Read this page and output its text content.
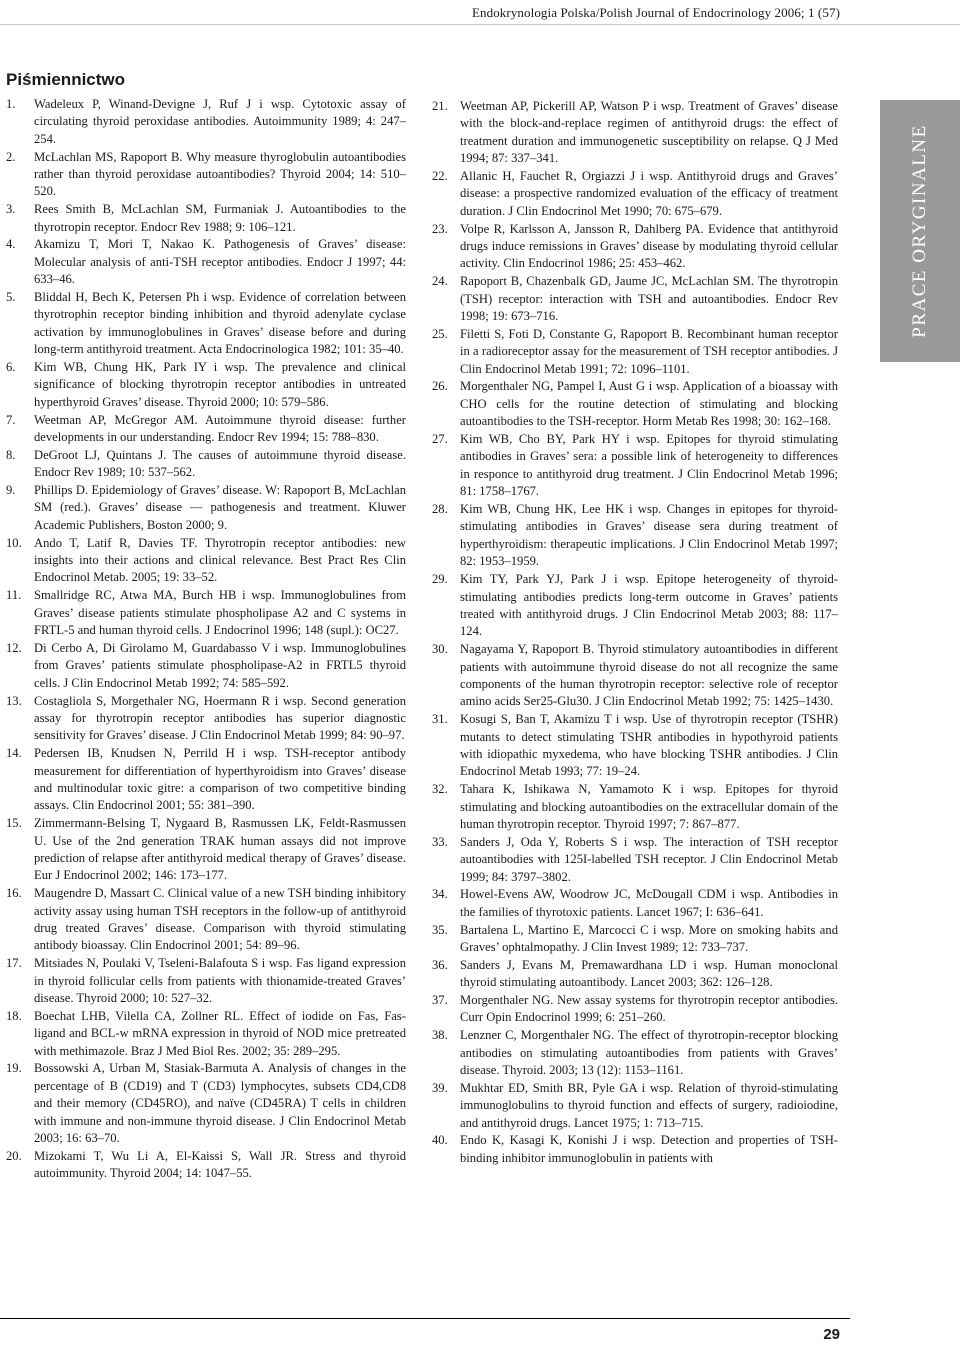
Endokrynologia Polska/Polish Journal of Endocrinology 2006; 1 (57)
Piśmiennictwo
1. Wadeleux P, Winand-Devigne J, Ruf J i wsp. Cytotoxic assay of circulating thyroid peroxidase antibodies. Autoimmunity 1989; 4: 247–254.
2. McLachlan MS, Rapoport B. Why measure thyroglobulin autoantibodies rather than thyroid peroxidase autoantibodies? Thyroid 2004; 14: 510–520.
3. Rees Smith B, McLachlan SM, Furmaniak J. Autoantibodies to the thyrotropin receptor. Endocr Rev 1988; 9: 106–121.
4. Akamizu T, Mori T, Nakao K. Pathogenesis of Graves’ disease: Molecular analysis of anti-TSH receptor antibodies. Endocr J 1997; 44: 633–46.
5. Bliddal H, Bech K, Petersen Ph i wsp. Evidence of correlation between thyrotrophin receptor binding inhibition and thyroid adenylate cyclase activation by immunoglobulines in Graves’ disease before and during long-term antithyroid treatment. Acta Endocrinologica 1982; 101: 35–40.
6. Kim WB, Chung HK, Park IY i wsp. The prevalence and clinical significance of blocking thyrotropin receptor antibodies in untreated hyperthyroid Graves’ disease. Thyroid 2000; 10: 579–586.
7. Weetman AP, McGregor AM. Autoimmune thyroid disease: further developments in our understanding. Endocr Rev 1994; 15: 788–830.
8. DeGroot LJ, Quintans J. The causes of autoimmune thyroid disease. Endocr Rev 1989; 10: 537–562.
9. Phillips D. Epidemiology of Graves’ disease. W: Rapoport B, McLachlan SM (red.). Graves’ disease — pathogenesis and treatment. Kluwer Academic Publishers, Boston 2000; 9.
10. Ando T, Latif R, Davies TF. Thyrotropin receptor antibodies: new insights into their actions and clinical relevance. Best Pract Res Clin Endocrinol Metab. 2005; 19: 33–52.
11. Smallridge RC, Atwa MA, Burch HB i wsp. Immunoglobulines from Graves’ disease patients stimulate phospholipase A2 and C systems in FRTL-5 and human thyroid cells. J Endocrinol 1996; 148 (supl.): OC27.
12. Di Cerbo A, Di Girolamo M, Guardabasso V i wsp. Immunoglobulines from Graves’ patients stimulate phospholipase-A2 in FRTL5 thyroid cells. J Clin Endocrinol Metab 1992; 74: 585–592.
13. Costagliola S, Morgethaler NG, Hoermann R i wsp. Second generation assay for thyrotropin receptor antibodies has superior diagnostic sensitivity for Graves’ disease. J Clin Endocrinol Metab 1999; 84: 90–97.
14. Pedersen IB, Knudsen N, Perrild H i wsp. TSH-receptor antibody measurement for differentiation of hyperthyroidism into Graves’ disease and multinodular toxic gitre: a comparison of two competitive binding assays. Clin Endocrinol 2001; 55: 381–390.
15. Zimmermann-Belsing T, Nygaard B, Rasmussen LK, Feldt-Rasmussen U. Use of the 2nd generation TRAK human assays did not improve prediction of relapse after antithyroid medical therapy of Graves’ disease. Eur J Endocrinol 2002; 146: 173–177.
16. Maugendre D, Massart C. Clinical value of a new TSH binding inhibitory activity assay using human TSH receptors in the follow-up of antithyroid drug treated Graves’ disease. Comparison with thyroid stimulating antibody bioassay. Clin Endocrinol 2001; 54: 89–96.
17. Mitsiades N, Poulaki V, Tseleni-Balafouta S i wsp. Fas ligand expression in thyroid follicular cells from patients with thionamide-treated Graves’ disease. Thyroid 2000; 10: 527–32.
18. Boechat LHB, Vilella CA, Zollner RL. Effect of iodide on Fas, Fas-ligand and BCL-w mRNA expression in thyroid of NOD mice pretreated with methimazole. Braz J Med Biol Res. 2002; 35: 289–295.
19. Bossowski A, Urban M, Stasiak-Barmuta A. Analysis of changes in the percentage of B (CD19) and T (CD3) lymphocytes, subsets CD4,CD8 and their memory (CD45RO), and naïve (CD45RA) T cells in children with immune and non-immune thyroid disease. J Clin Endocrinol Metab 2003; 16: 63–70.
20. Mizokami T, Wu Li A, El-Kaissi S, Wall JR. Stress and thyroid autoimmunity. Thyroid 2004; 14: 1047–55.
21. Weetman AP, Pickerill AP, Watson P i wsp. Treatment of Graves’ disease with the block-and-replace regimen of antithyroid drugs: the effect of treatment duration and immunogenetic susceptibility on relapse. Q J Med 1994; 87: 337–341.
22. Allanic H, Fauchet R, Orgiazzi J i wsp. Antithyroid drugs and Graves’ disease: a prospective randomized evaluation of the efficacy of treatment duration. J Clin Endocrinol Met 1990; 70: 675–679.
23. Volpe R, Karlsson A, Jansson R, Dahlberg PA. Evidence that antithyroid drugs induce remissions in Graves’ disease by modulating thyroid cellular activity. Clin Endocrinol 1986; 25: 453–462.
24. Rapoport B, Chazenbalk GD, Jaume JC, McLachlan SM. The thyrotropin (TSH) receptor: interaction with TSH and autoantibodies. Endocr Rev 1998; 19: 673–716.
25. Filetti S, Foti D, Constante G, Rapoport B. Recombinant human receptor in a radioreceptor assay for the measurement of TSH receptor antibodies. J Clin Endocrinol Metab 1991; 72: 1096–1101.
26. Morgenthaler NG, Pampel I, Aust G i wsp. Application of a bioassay with CHO cells for the routine detection of stimulating and blocking autoantibodies to the TSH-receptor. Horm Metab Res 1998; 30: 162–168.
27. Kim WB, Cho BY, Park HY i wsp. Epitopes for thyroid stimulating antibodies in Graves’ sera: a possible link of heterogeneity to differences in responce to antithyroid drug treatment. J Clin Endocrinol Metab 1996; 81: 1758–1767.
28. Kim WB, Chung HK, Lee HK i wsp. Changes in epitopes for thyroid-stimulating antibodies in Graves’ disease sera during treatment of hyperthyroidism: therapeutic implications. J Clin Endocrinol Metab 1997; 82: 1953–1959.
29. Kim TY, Park YJ, Park J i wsp. Epitope heterogeneity of thyroid-stimulating antibodies predicts long-term outcome in Graves’ patients treated with antithyroid drugs. J Clin Endocrinol Metab 2003; 88: 117–124.
30. Nagayama Y, Rapoport B. Thyroid stimulatory autoantibodies in different patients with autoimmune thyroid disease do not all recognize the same components of the human thyrotropin receptor: selective role of receptor amino acids Ser25-Glu30. J Clin Endocrinol Metab 1992; 75: 1425–1430.
31. Kosugi S, Ban T, Akamizu T i wsp. Use of thyrotropin receptor (TSHR) mutants to detect stimulating TSHR antibodies in hypothyroid patients with idiopathic myxedema, who have blocking TSHR antibodies. J Clin Endocrinol Metab 1993; 77: 19–24.
32. Tahara K, Ishikawa N, Yamamoto K i wsp. Epitopes for thyroid stimulating and blocking autoantibodies on the extracellular domain of the human thyrotropin receptor. Thyroid 1997; 7: 867–877.
33. Sanders J, Oda Y, Roberts S i wsp. The interaction of TSH receptor autoantibodies with 125I-labelled TSH receptor. J Clin Endocrinol Metab 1999; 84: 3797–3802.
34. Howel-Evens AW, Woodrow JC, McDougall CDM i wsp. Antibodies in the families of thyrotoxic patients. Lancet 1967; I: 636–641.
35. Bartalena L, Martino E, Marcocci C i wsp. More on smoking habits and Graves’ ophtalmopathy. J Clin Invest 1989; 12: 733–737.
36. Sanders J, Evans M, Premawardhana LD i wsp. Human monoclonal thyroid stimulating autoantibody. Lancet 2003; 362: 126–128.
37. Morgenthaler NG. New assay systems for thyrotropin receptor antibodies. Curr Opin Endocrinol 1999; 6: 251–260.
38. Lenzner C, Morgenthaler NG. The effect of thyrotropin-receptor blocking antibodies on stimulating autoantibodies from patients with Graves’ disease. Thyroid. 2003; 13 (12): 1153–1161.
39. Mukhtar ED, Smith BR, Pyle GA i wsp. Relation of thyroid-stimulating immunoglobulins to thyroid function and effects of surgery, radioiodine, and antithyroid drugs. Lancet 1975; 1: 713–715.
40. Endo K, Kasagi K, Konishi J i wsp. Detection and properties of TSH-binding inhibitor immunoglobulin in patients with
PRACE ORYGINALNE
29
